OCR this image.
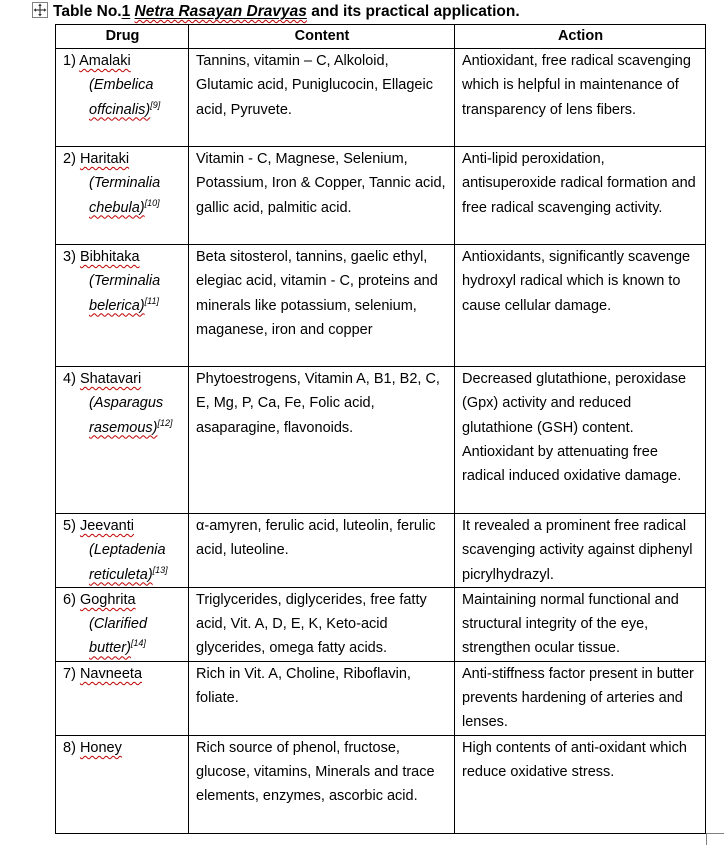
Table No.1 Netra Rasayan Dravyas and its practical application.
Drug	Content	Action
1) Amalaki
(Embelica
offcinalis)[9]	Tannins, vitamin – C, Alkoloid, Glutamic acid, Puniglucocin, Ellageic acid, Pyruvete.	Antioxidant, free radical scavenging which is helpful in maintenance of transparency of lens fibers.
2) Haritaki
(Terminalia
chebula)[10]	Vitamin - C, Magnese, Selenium, Potassium, Iron & Copper, Tannic acid, gallic acid, palmitic acid.	Anti-lipid peroxidation, antisuperoxide radical formation and free radical scavenging activity.
3) Bibhitaka
(Terminalia
belerica)[11]	Beta sitosterol, tannins, gaelic ethyl, elegiac acid, vitamin - C, proteins and minerals like potassium, selenium, maganese, iron and copper	Antioxidants, significantly scavenge hydroxyl radical which is known to cause cellular damage.
4) Shatavari
(Asparagus
rasemous)[12]	Phytoestrogens, Vitamin A, B1, B2, C, E, Mg, P, Ca, Fe, Folic acid, asaparagine, flavonoids.	Decreased glutathione, peroxidase (Gpx) activity and reduced glutathione (GSH) content. Antioxidant by attenuating free radical induced oxidative damage.
5) Jeevanti
(Leptadenia
reticuleta)[13]	α-amyren, ferulic acid, luteolin, ferulic acid, luteoline.	It revealed a prominent free radical scavenging activity against diphenyl picrylhydrazyl.
6) Goghrita
(Clarified
butter)[14]	Triglycerides, diglycerides, free fatty acid, Vit. A, D, E, K, Keto-acid glycerides, omega fatty acids.	Maintaining normal functional and structural integrity of the eye, strengthen ocular tissue.
7) Navneeta	Rich in Vit. A, Choline, Riboflavin, foliate.	Anti-stiffness factor present in butter prevents hardening of arteries and lenses.
8) Honey	Rich source of phenol, fructose, glucose, vitamins, Minerals and trace elements, enzymes, ascorbic acid.	High contents of anti-oxidant which reduce oxidative stress.
